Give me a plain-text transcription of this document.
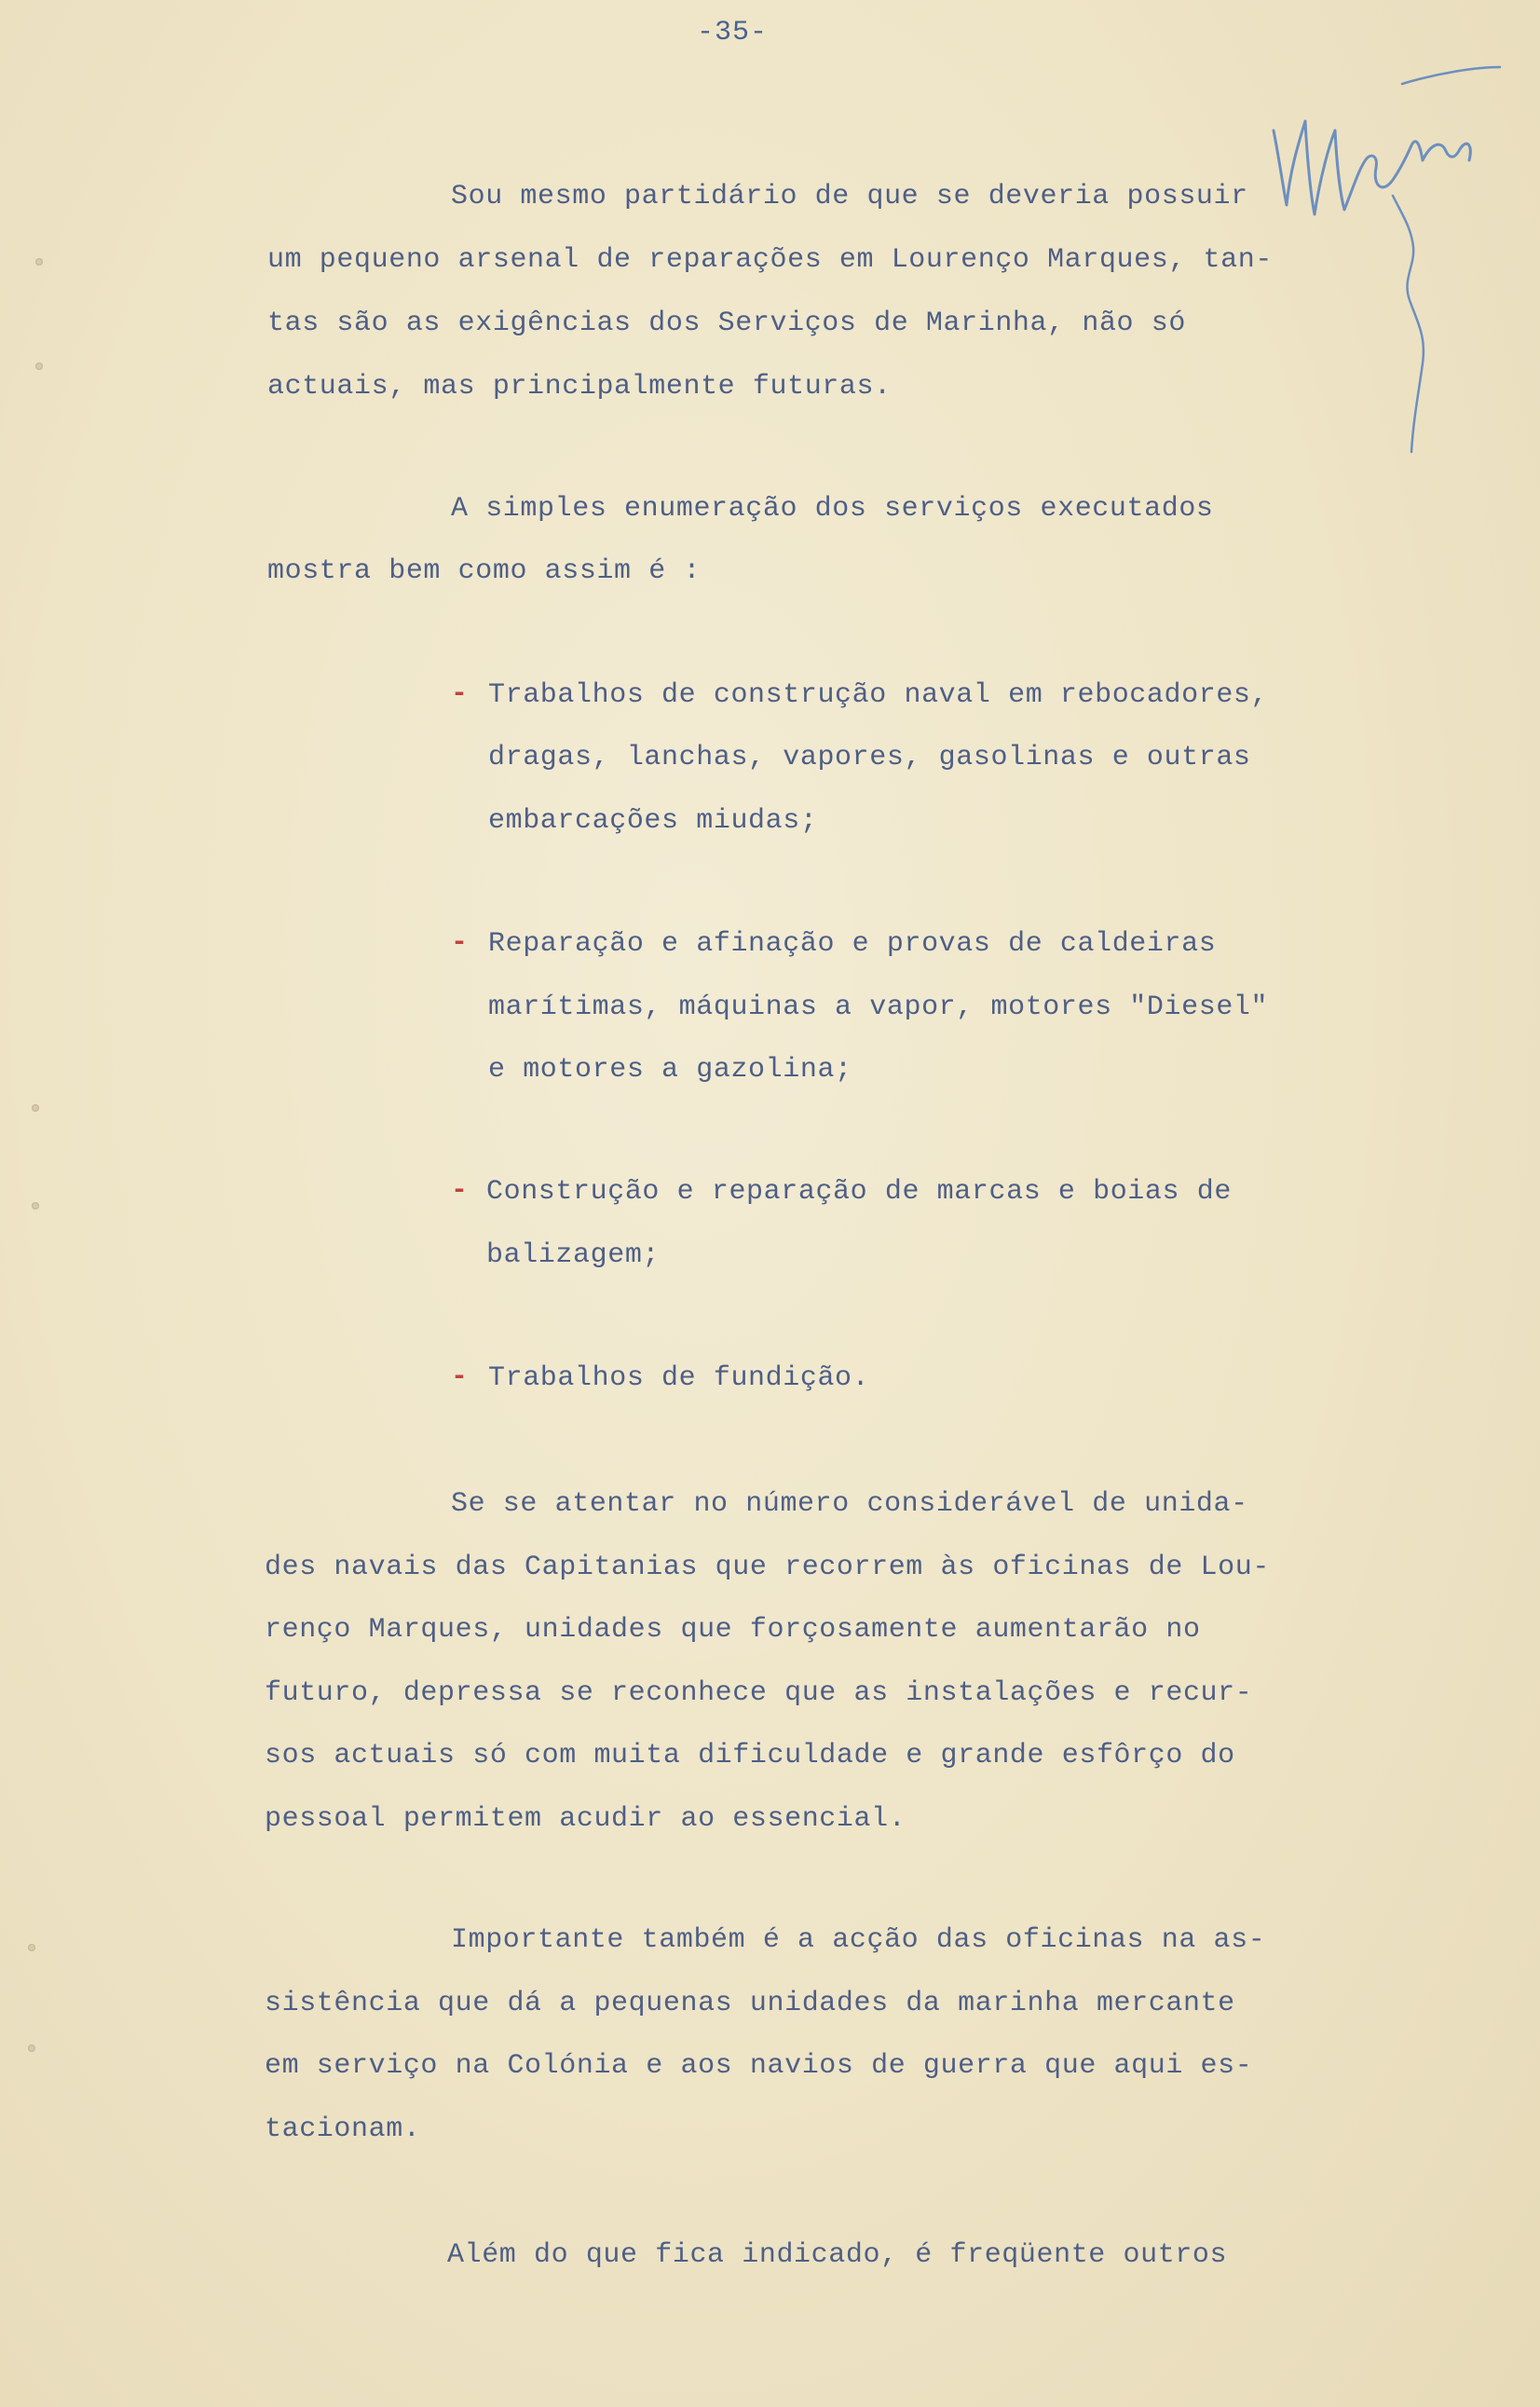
-35-
Sou mesmo partidário de que se deveria possuir
um pequeno arsenal de reparações em Lourenço Marques, tan-
tas são as exigências dos Serviços de Marinha, não só
actuais, mas principalmente futuras.
A simples enumeração dos serviços executados
mostra bem como assim é :
- Trabalhos de construção naval em rebocadores,
dragas, lanchas, vapores, gasolinas e outras
embarcações miudas;
- Reparação e afinação e provas de caldeiras
marítimas, máquinas a vapor, motores "Diesel"
e motores a gazolina;
- Construção e reparação de marcas e boias de
balizagem;
- Trabalhos de fundição.
Se se atentar no número considerável de unida-
des navais das Capitanias que recorrem às oficinas de Lou-
renço Marques, unidades que forçosamente aumentarão no
futuro, depressa se reconhece que as instalações e recur-
sos actuais só com muita dificuldade e grande esfôrço do
pessoal permitem acudir ao essencial.
Importante também é a acção das oficinas na as-
sistência que dá a pequenas unidades da marinha mercante
em serviço na Colónia e aos navios de guerra que aqui es-
tacionam.
Além do que fica indicado, é freqüente outros
